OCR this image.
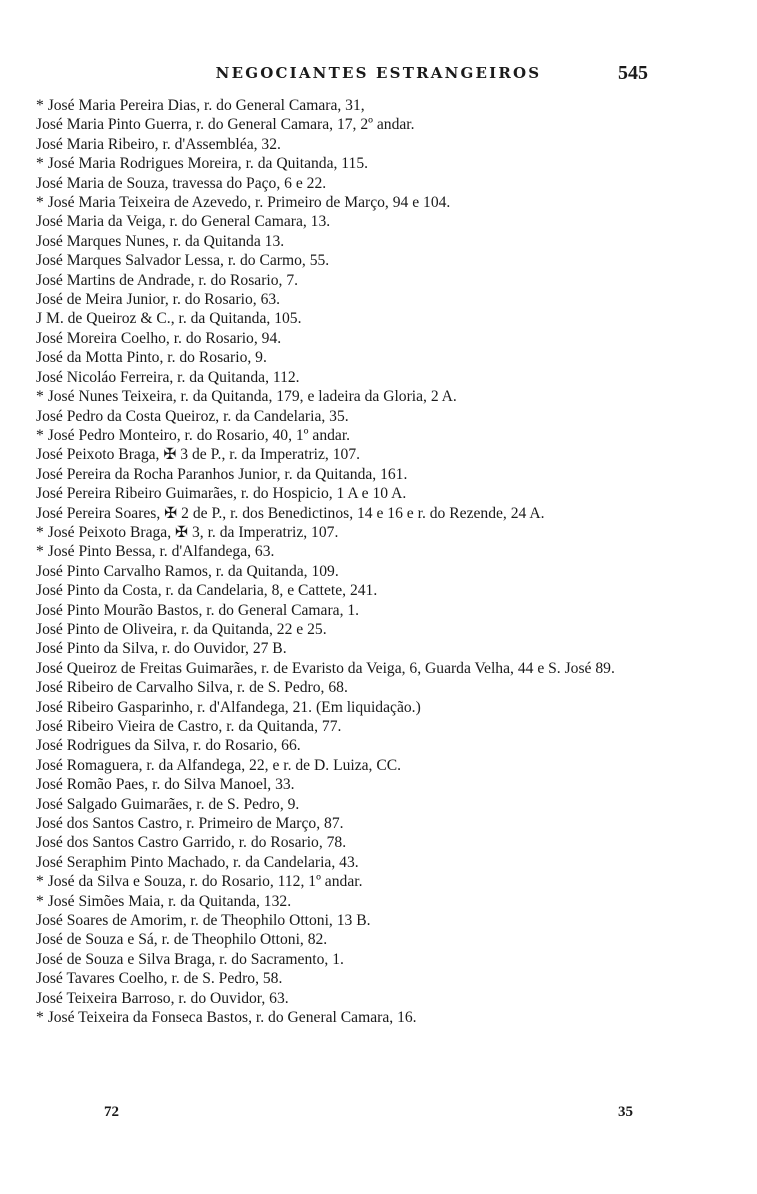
NEGOCIANTES ESTRANGEIROS	545
* José Maria Pereira Dias, r. do General Camara, 31,
José Maria Pinto Guerra, r. do General Camara, 17, 2º andar.
José Maria Ribeiro, r. d'Assembléa, 32.
* José Maria Rodrigues Moreira, r. da Quitanda, 115.
José Maria de Souza, travessa do Paço, 6 e 22.
* José Maria Teixeira de Azevedo, r. Primeiro de Março, 94 e 104.
José Maria da Veiga, r. do General Camara, 13.
José Marques Nunes, r. da Quitanda 13.
José Marques Salvador Lessa, r. do Carmo, 55.
José Martins de Andrade, r. do Rosario, 7.
José de Meira Junior, r. do Rosario, 63.
J M. de Queiroz & C., r. da Quitanda, 105.
José Moreira Coelho, r. do Rosario, 94.
José da Motta Pinto, r. do Rosario, 9.
José Nicoláo Ferreira, r. da Quitanda, 112.
* José Nunes Teixeira, r. da Quitanda, 179, e ladeira da Gloria, 2 A.
José Pedro da Costa Queiroz, r. da Candelaria, 35.
* José Pedro Monteiro, r. do Rosario, 40, 1º andar.
José Peixoto Braga, ✠ 3 de P., r. da Imperatriz, 107.
José Pereira da Rocha Paranhos Junior, r. da Quitanda, 161.
José Pereira Ribeiro Guimarães, r. do Hospicio, 1 A e 10 A.
José Pereira Soares, ✠ 2 de P., r. dos Benedictinos, 14 e 16 e r. do Rezende, 24 A.
* José Peixoto Braga, ✠ 3, r. da Imperatriz, 107.
* José Pinto Bessa, r. d'Alfandega, 63.
José Pinto Carvalho Ramos, r. da Quitanda, 109.
José Pinto da Costa, r. da Candelaria, 8, e Cattete, 241.
José Pinto Mourão Bastos, r. do General Camara, 1.
José Pinto de Oliveira, r. da Quitanda, 22 e 25.
José Pinto da Silva, r. do Ouvidor, 27 B.
José Queiroz de Freitas Guimarães, r. de Evaristo da Veiga, 6, Guarda Velha, 44 e S. José 89.
José Ribeiro de Carvalho Silva, r. de S. Pedro, 68.
José Ribeiro Gasparinho, r. d'Alfandega, 21. (Em liquidação.)
José Ribeiro Vieira de Castro, r. da Quitanda, 77.
José Rodrigues da Silva, r. do Rosario, 66.
José Romaguera, r. da Alfandega, 22, e r. de D. Luiza, CC.
José Romão Paes, r. do Silva Manoel, 33.
José Salgado Guimarães, r. de S. Pedro, 9.
José dos Santos Castro, r. Primeiro de Março, 87.
José dos Santos Castro Garrido, r. do Rosario, 78.
José Seraphim Pinto Machado, r. da Candelaria, 43.
* José da Silva e Souza, r. do Rosario, 112, 1º andar.
* José Simões Maia, r. da Quitanda, 132.
José Soares de Amorim, r. de Theophilo Ottoni, 13 B.
José de Souza e Sá, r. de Theophilo Ottoni, 82.
José de Souza e Silva Braga, r. do Sacramento, 1.
José Tavares Coelho, r. de S. Pedro, 58.
José Teixeira Barroso, r. do Ouvidor, 63.
* José Teixeira da Fonseca Bastos, r. do General Camara, 16.
72	35
